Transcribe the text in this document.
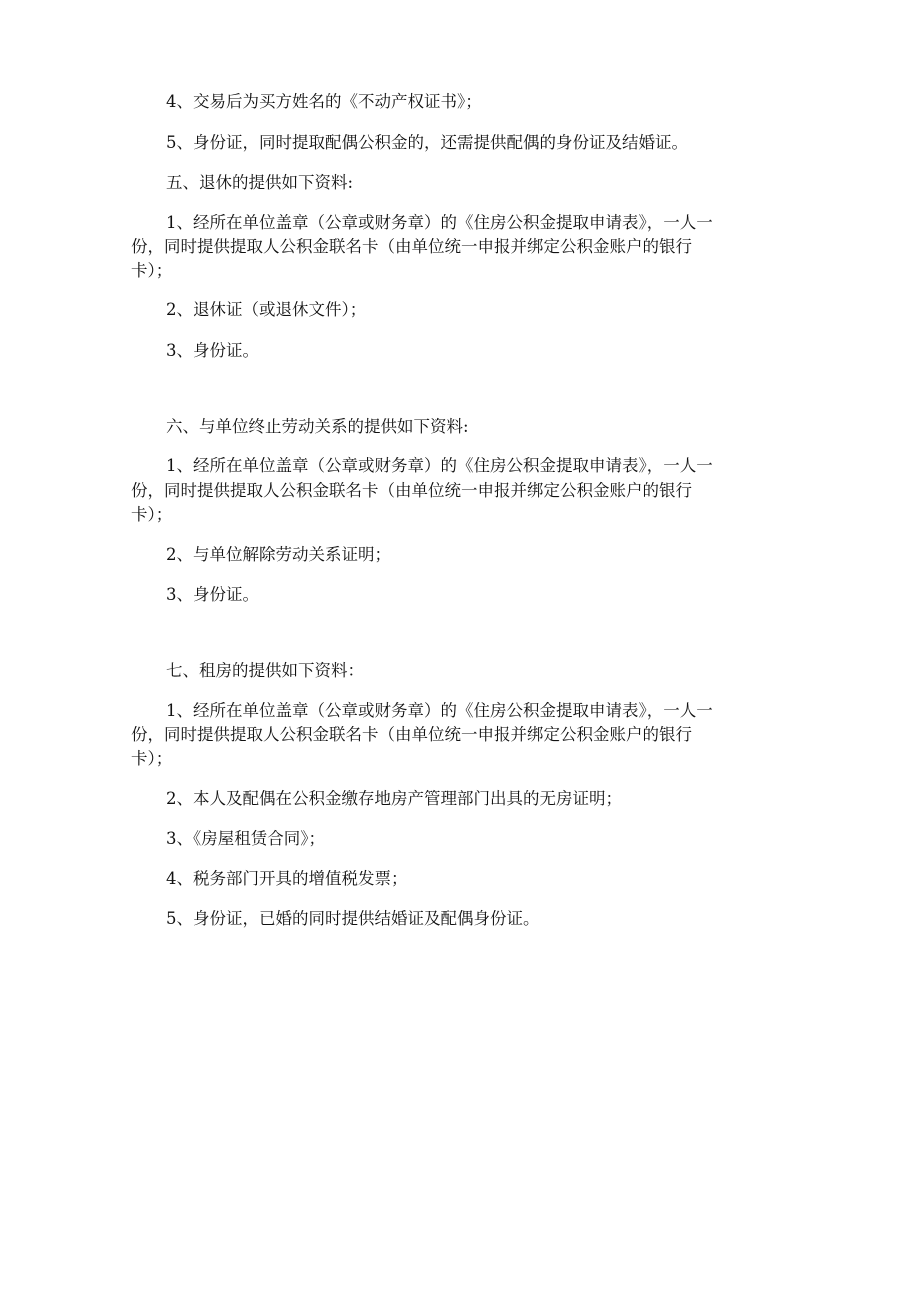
4、交易后为买方姓名的《不动产权证书》；

5、身份证，同时提取配偶公积金的，还需提供配偶的身份证及结婚证。

五、退休的提供如下资料:

1、经所在单位盖章（公章或财务章）的《住房公积金提取申请表》，一人一

份，同时提供提取人公积金联名卡（由单位统一申报并绑定公积金账户的银行

卡）；

2、退休证（或退休文件）；

3、身份证。

六、与单位终止劳动关系的提供如下资料:

1、经所在单位盖章（公章或财务章）的《住房公积金提取申请表》，一人一

份，同时提供提取人公积金联名卡（由单位统一申报并绑定公积金账户的银行

卡）；

2、与单位解除劳动关系证明；

3、身份证。

七、租房的提供如下资料：

1、经所在单位盖章（公章或财务章）的《住房公积金提取申请表》，一人一

份，同时提供提取人公积金联名卡（由单位统一申报并绑定公积金账户的银行

卡）；

2、本人及配偶在公积金缴存地房产管理部门出具的无房证明；

3、《房屋租赁合同》；

4、税务部门开具的增值税发票；

5、身份证，已婚的同时提供结婚证及配偶身份证。
